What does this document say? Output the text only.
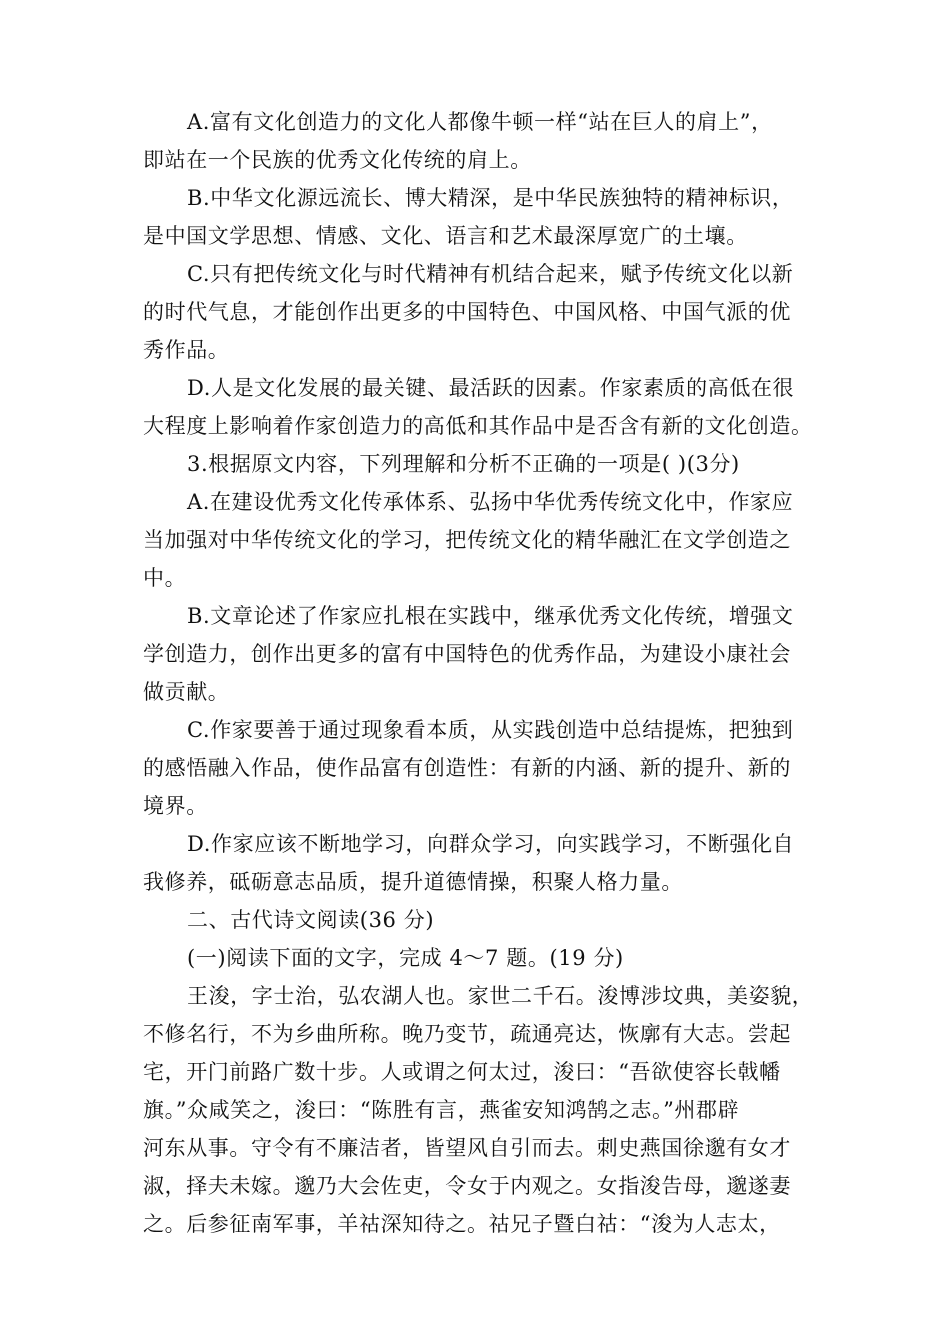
A.富有文化创造力的文化人都像牛顿一样“站在巨人的肩上”，
即站在一个民族的优秀文化传统的肩上。
B.中华文化源远流长、博大精深，是中华民族独特的精神标识，
是中国文学思想、情感、文化、语言和艺术最深厚宽广的土壤。
C.只有把传统文化与时代精神有机结合起来，赋予传统文化以新
的时代气息，才能创作出更多的中国特色、中国风格、中国气派的优
秀作品。
D.人是文化发展的最关键、最活跃的因素。作家素质的高低在很
大程度上影响着作家创造力的高低和其作品中是否含有新的文化创造。
3.根据原文内容，下列理解和分析不正确的一项是( )(3分)
A.在建设优秀文化传承体系、弘扬中华优秀传统文化中，作家应
当加强对中华传统文化的学习，把传统文化的精华融汇在文学创造之
中。
B.文章论述了作家应扎根在实践中，继承优秀文化传统，增强文
学创造力，创作出更多的富有中国特色的优秀作品，为建设小康社会
做贡献。
C.作家要善于通过现象看本质，从实践创造中总结提炼，把独到
的感悟融入作品，使作品富有创造性：有新的内涵、新的提升、新的
境界。
D.作家应该不断地学习，向群众学习，向实践学习，不断强化自
我修养，砥砺意志品质，提升道德情操，积聚人格力量。
二、古代诗文阅读(36 分)
(一)阅读下面的文字，完成 4～7 题。(19 分)
王浚，字士治，弘农湖人也。家世二千石。浚博涉坟典，美姿貌，
不修名行，不为乡曲所称。晚乃变节，疏通亮达，恢廓有大志。尝起
宅，开门前路广数十步。人或谓之何太过，浚曰：“吾欲使容长戟幡
旗。”众咸笑之，浚曰：“陈胜有言，燕雀安知鸿鹄之志。”州郡辟
河东从事。守令有不廉洁者，皆望风自引而去。刺史燕国徐邈有女才
淑，择夫未嫁。邈乃大会佐吏，令女于内观之。女指浚告母，邈遂妻
之。后参征南军事，羊祜深知待之。祜兄子暨白祜：“浚为人志太，
